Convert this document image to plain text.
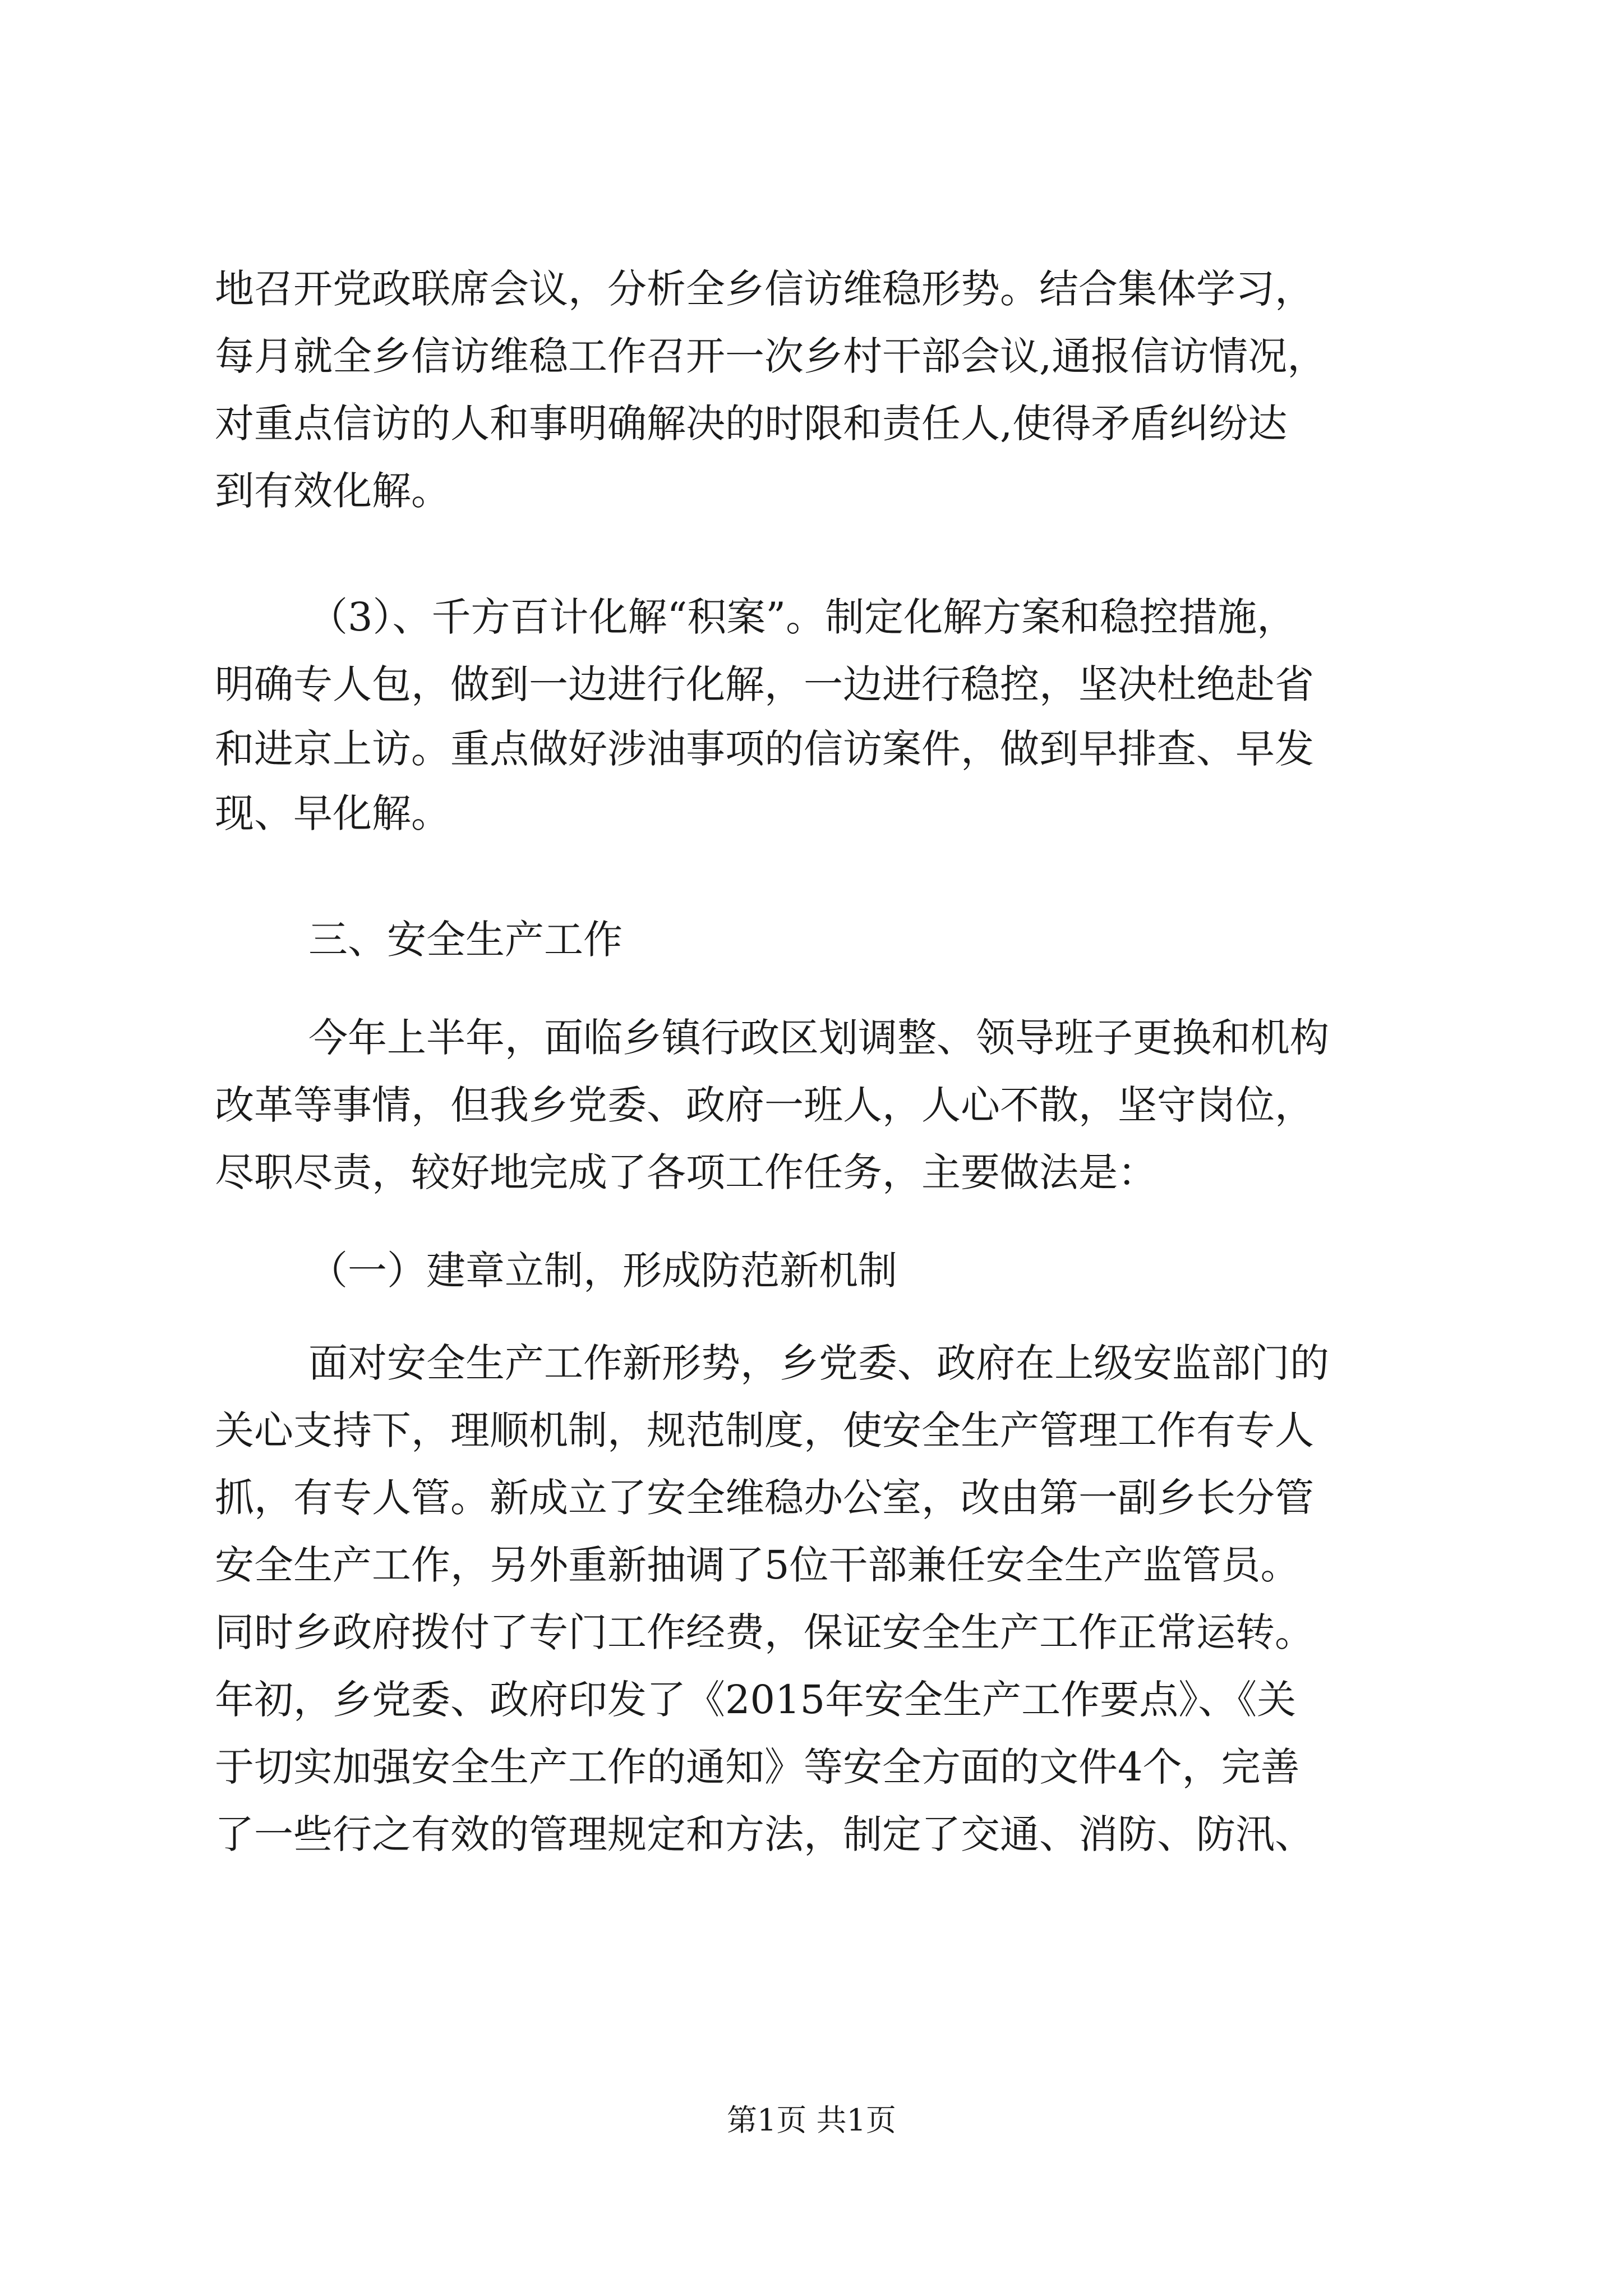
地召开党政联席会议，分析全乡信访维稳形势。结合集体学习，
每月就全乡信访维稳工作召开一次乡村干部会议,通报信访情况，
对重点信访的人和事明确解决的时限和责任人,使得矛盾纠纷达
到有效化解。
（3）、千方百计化解“积案”。制定化解方案和稳控措施，
明确专人包，做到一边进行化解，一边进行稳控，坚决杜绝赴省
和进京上访。重点做好涉油事项的信访案件，做到早排查、早发
现、早化解。
三、安全生产工作
今年上半年，面临乡镇行政区划调整、领导班子更换和机构
改革等事情，但我乡党委、政府一班人，人心不散，坚守岗位，
尽职尽责，较好地完成了各项工作任务，主要做法是：
（一）建章立制，形成防范新机制
面对安全生产工作新形势，乡党委、政府在上级安监部门的
关心支持下，理顺机制，规范制度，使安全生产管理工作有专人
抓，有专人管。新成立了安全维稳办公室，改由第一副乡长分管
安全生产工作，另外重新抽调了5位干部兼任安全生产监管员。
同时乡政府拨付了专门工作经费，保证安全生产工作正常运转。
年初，乡党委、政府印发了《2015年安全生产工作要点》、《关
于切实加强安全生产工作的通知》等安全方面的文件4个，完善
了一些行之有效的管理规定和方法，制定了交通、消防、防汛、
第1页 共1页
